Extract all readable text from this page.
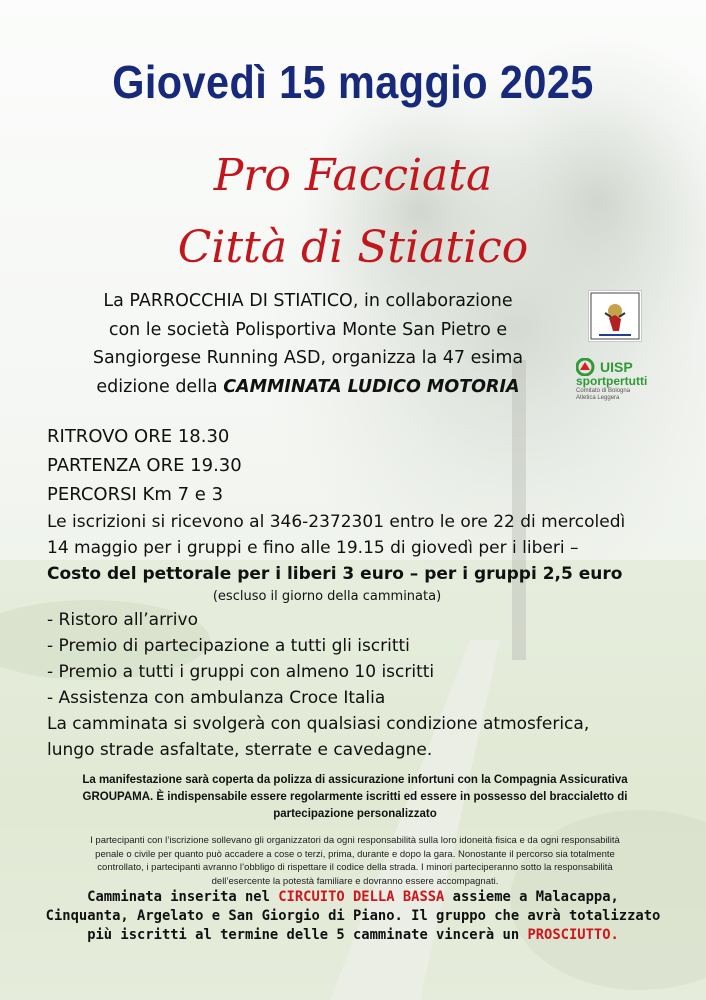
Giovedì 15 maggio 2025
Pro Facciata
Città di Stiatico
La PARROCCHIA DI STIATICO, in collaborazione
con le società Polisportiva Monte San Pietro e
Sangiorgese Running ASD, organizza la 47 esima
edizione della CAMMINATA LUDICO MOTORIA
UISP
sportpertutti
Comitato di Bologna
Atletica Leggera
RITROVO ORE 18.30
PARTENZA ORE 19.30
PERCORSI Km 7 e 3
Le iscrizioni si ricevono al 346-2372301 entro le ore 22 di mercoledì
14 maggio per i gruppi e fino alle 19.15 di giovedì per i liberi –
Costo del pettorale per i liberi 3 euro – per i gruppi 2,5 euro
(escluso il giorno della camminata)
- Ristoro all’arrivo
- Premio di partecipazione a tutti gli iscritti
- Premio a tutti i gruppi con almeno 10 iscritti
- Assistenza con ambulanza Croce Italia
La camminata si svolgerà con qualsiasi condizione atmosferica,
lungo strade asfaltate, sterrate e cavedagne.
La manifestazione sarà coperta da polizza di assicurazione infortuni con la Compagnia Assicurativa
GROUPAMA. È indispensabile essere regolarmente iscritti ed essere in possesso del braccialetto di
partecipazione personalizzato
I partecipanti con l’iscrizione sollevano gli organizzatori da ogni responsabilità sulla loro idoneità fisica e da ogni responsabilità
penale o civile per quanto può accadere a cose o terzi, prima, durante e dopo la gara. Nonostante il percorso sia totalmente
controllato, i partecipanti avranno l’obbligo di rispettare il codice della strada. I minori parteciperanno sotto la responsabilità
dell’esercente la potestà familiare e dovranno essere accompagnati.
Camminata inserita nel CIRCUITO DELLA BASSA assieme a Malacappa,
Cinquanta, Argelato e San Giorgio di Piano. Il gruppo che avrà totalizzato
più iscritti al termine delle 5 camminate vincerà un PROSCIUTTO.
